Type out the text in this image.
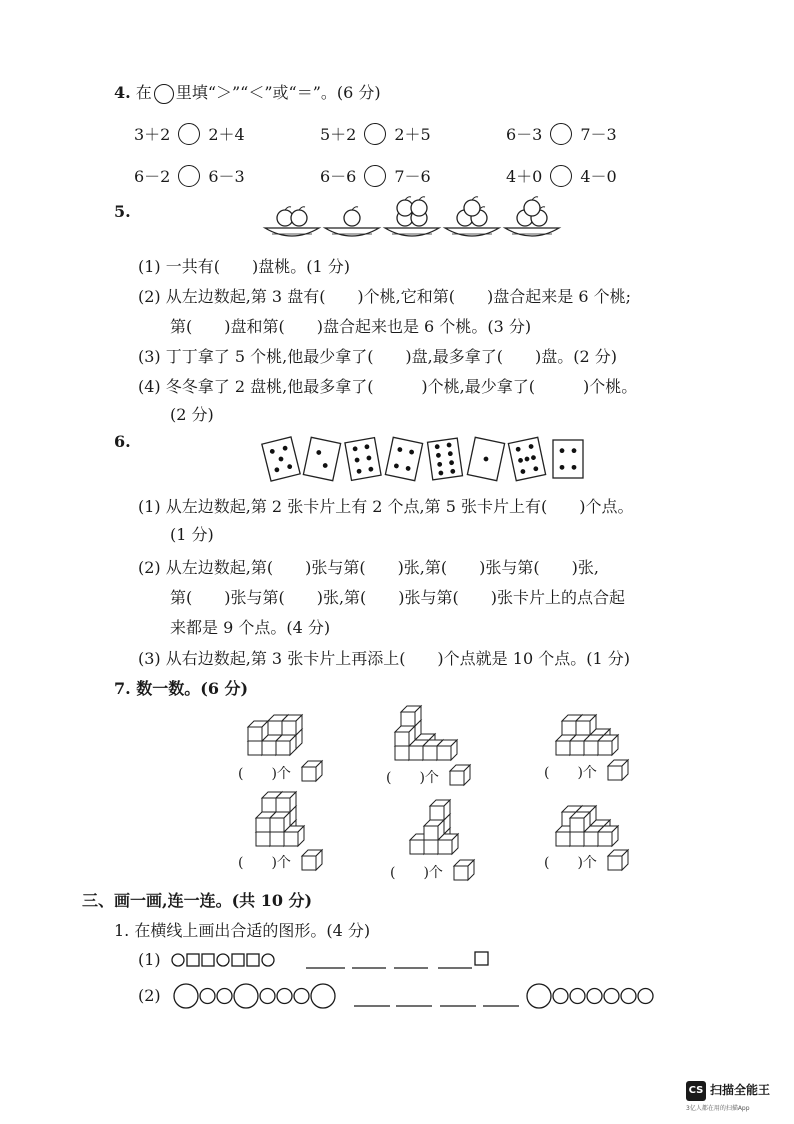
4. 在 里填“＞”“＜”或“＝”。(6 分)
3＋2 2＋4	5＋2 2＋5	6－3 7－3
6－2 6－3	6－6 7－6	4＋0 4－0
5.
(1) 一共有(　　)盘桃。(1 分)
(2) 从左边数起,第 3 盘有(　　)个桃,它和第(　　)盘合起来是 6 个桃;
第(　　)盘和第(　　)盘合起来也是 6 个桃。(3 分)
(3) 丁丁拿了 5 个桃,他最少拿了(　　)盘,最多拿了(　　)盘。(2 分)
(4) 冬冬拿了 2 盘桃,他最多拿了(　　　)个桃,最少拿了(　　　)个桃。
(2 分)
6.
(1) 从左边数起,第 2 张卡片上有 2 个点,第 5 张卡片上有(　　)个点。
(1 分)
(2) 从左边数起,第(　　)张与第(　　)张,第(　　)张与第(　　)张,
第(　　)张与第(　　)张,第(　　)张与第(　　)张卡片上的点合起
来都是 9 个点。(4 分)
(3) 从右边数起,第 3 张卡片上再添上(　　)个点就是 10 个点。(1 分)
7. 数一数。(6 分)
(　　)个	(　　)个	(　　)个
(　　)个
(　　)个
(　　)个
三、画一画,连一连。(共 10 分)
1. 在横线上画出合适的图形。(4 分)
(1)
(2)
CS 扫描全能王
3亿人都在用的扫描App
